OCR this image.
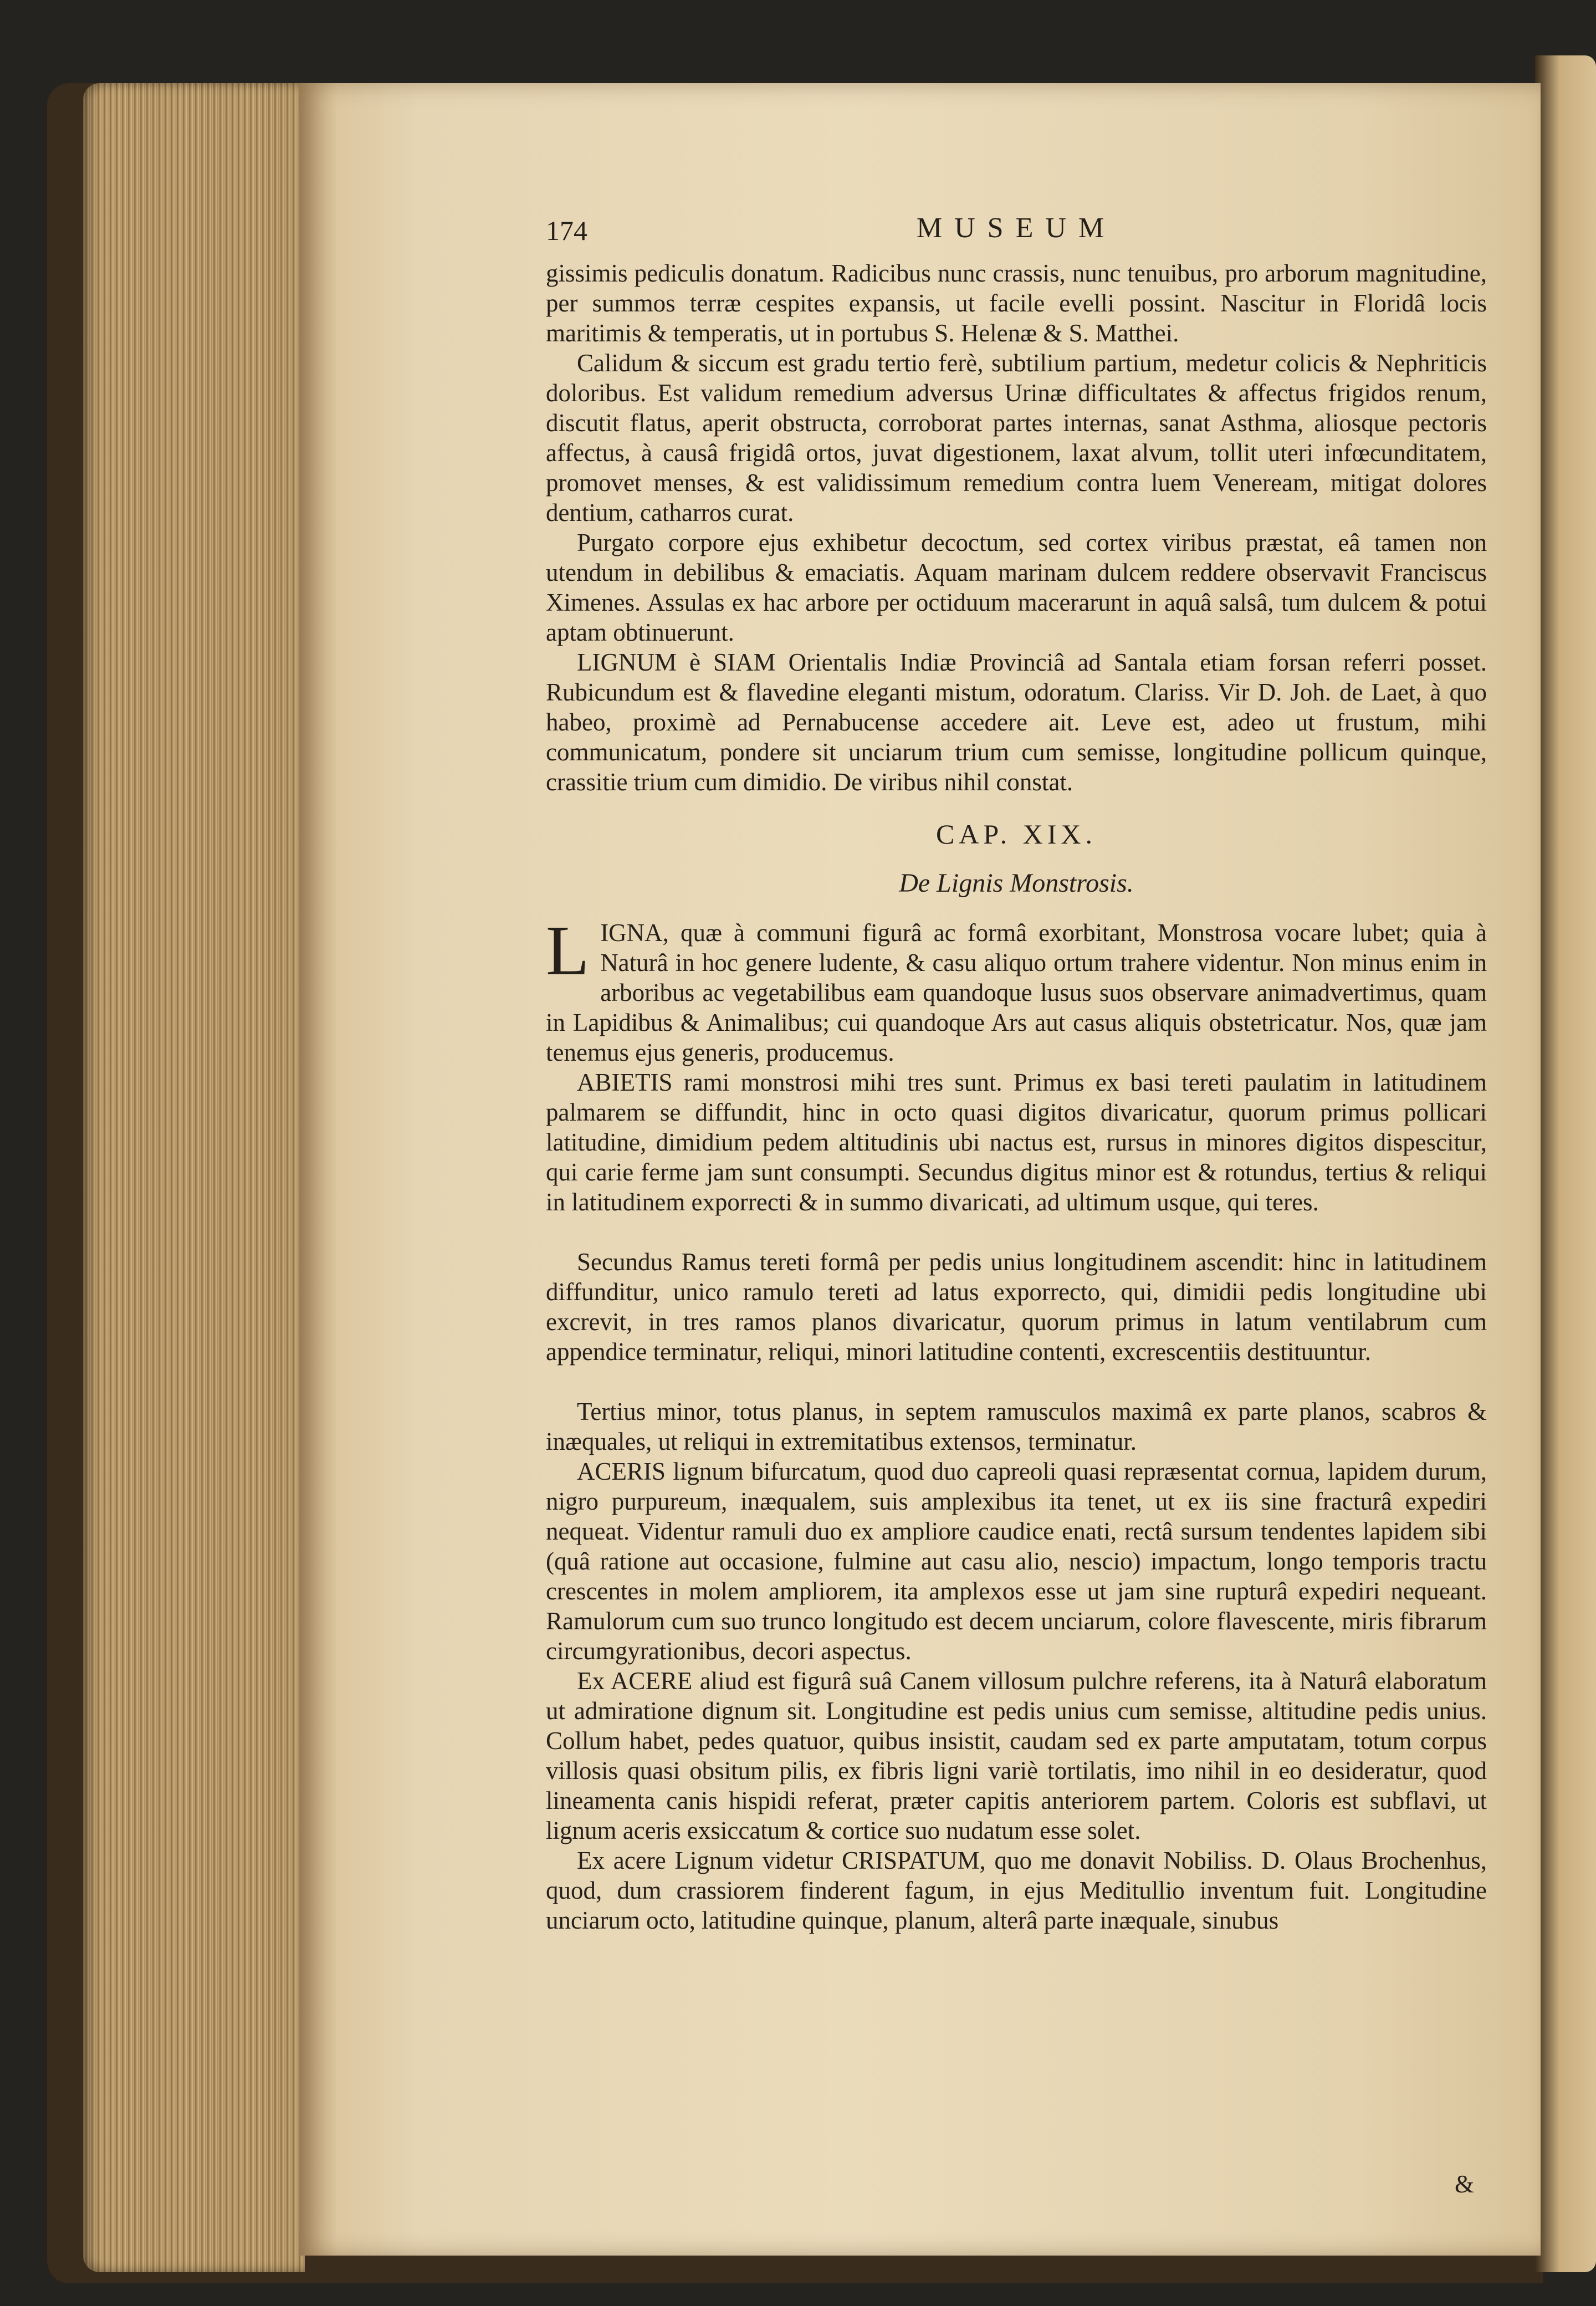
174	MUSEUM

gissimis pediculis donatum. Radicibus nunc crassis, nunc tenuibus, pro arborum magnitudine, per summos terræ cespites expansis, ut facile evelli possint. Nascitur in Floridâ locis maritimis & temperatis, ut in portubus S. Helenæ & S. Matthei.

Calidum & siccum est gradu tertio ferè, subtilium partium, medetur colicis & Nephriticis doloribus. Est validum remedium adversus Urinæ difficultates & affectus frigidos renum, discutit flatus, aperit obstructa, corroborat partes internas, sanat Asthma, aliosque pectoris affectus, à causâ frigidâ ortos, juvat digestionem, laxat alvum, tollit uteri infœcunditatem, promovet menses, & est validissimum remedium contra luem Veneream, mitigat dolores dentium, catharros curat.

Purgato corpore ejus exhibetur decoctum, sed cortex viribus præstat, eâ tamen non utendum in debilibus & emaciatis. Aquam marinam dulcem reddere observavit Franciscus Ximenes. Assulas ex hac arbore per octiduum macerarunt in aquâ salsâ, tum dulcem & potui aptam obtinuerunt.

LIGNUM è SIAM Orientalis Indiæ Provinciâ ad Santala etiam forsan referri posset. Rubicundum est & flavedine eleganti mistum, odoratum. Clariss. Vir D. Joh. de Laet, à quo habeo, proximè ad Pernabucense accedere ait. Leve est, adeo ut frustum, mihi communicatum, pondere sit unciarum trium cum semisse, longitudine pollicum quinque, crassitie trium cum dimidio. De viribus nihil constat.

CAP. XIX.
De Lignis Monstrosis.

LIGNA, quæ à communi figurâ ac formâ exorbitant, Monstrosa vocare lubet; quia à Naturâ in hoc genere ludente, & casu aliquo ortum trahere videntur. Non minus enim in arboribus ac vegetabilibus eam quandoque lusus suos observare animadvertimus, quam in Lapidibus & Animalibus; cui quandoque Ars aut casus aliquis obstetricatur. Nos, quæ jam tenemus ejus generis, producemus.

ABIETIS rami monstrosi mihi tres sunt. Primus ex basi tereti paulatim in latitudinem palmarem se diffundit, hinc in octo quasi digitos divaricatur, quorum primus pollicari latitudine, dimidium pedem altitudinis ubi nactus est, rursus in minores digitos dispescitur, qui carie ferme jam sunt consumpti. Secundus digitus minor est & rotundus, tertius & reliqui in latitudinem exporrecti & in summo divaricati, ad ultimum usque, qui teres.

Secundus Ramus tereti formâ per pedis unius longitudinem ascendit: hinc in latitudinem diffunditur, unico ramulo tereti ad latus exporrecto, qui, dimidii pedis longitudine ubi excrevit, in tres ramos planos divaricatur, quorum primus in latum ventilabrum cum appendice terminatur, reliqui, minori latitudine contenti, excrescentiis destituuntur.

Tertius minor, totus planus, in septem ramusculos maximâ ex parte planos, scabros & inæquales, ut reliqui in extremitatibus extensos, terminatur.

ACERIS lignum bifurcatum, quod duo capreoli quasi repræsentat cornua, lapidem durum, nigro purpureum, inæqualem, suis amplexibus ita tenet, ut ex iis sine fracturâ expediri nequeat. Videntur ramuli duo ex ampliore caudice enati, rectâ sursum tendentes lapidem sibi (quâ ratione aut occasione, fulmine aut casu alio, nescio) impactum, longo temporis tractu crescentes in molem ampliorem, ita amplexos esse ut jam sine rupturâ expediri nequeant. Ramulorum cum suo trunco longitudo est decem unciarum, colore flavescente, miris fibrarum circumgyrationibus, decori aspectus.

Ex ACERE aliud est figurâ suâ Canem villosum pulchre referens, ita à Naturâ elaboratum ut admiratione dignum sit. Longitudine est pedis unius cum semisse, altitudine pedis unius. Collum habet, pedes quatuor, quibus insistit, caudam sed ex parte amputatam, totum corpus villosis quasi obsitum pilis, ex fibris ligni variè tortilatis, imo nihil in eo desideratur, quod lineamenta canis hispidi referat, præter capitis anteriorem partem. Coloris est subflavi, ut lignum aceris exsiccatum & cortice suo nudatum esse solet.

Ex acere Lignum videtur CRISPATUM, quo me donavit Nobiliss. D. Olaus Brochenhus, quod, dum crassiorem finderent fagum, in ejus Meditullio inventum fuit. Longitudine unciarum octo, latitudine quinque, planum, alterâ parte inæquale, sinubus

&
